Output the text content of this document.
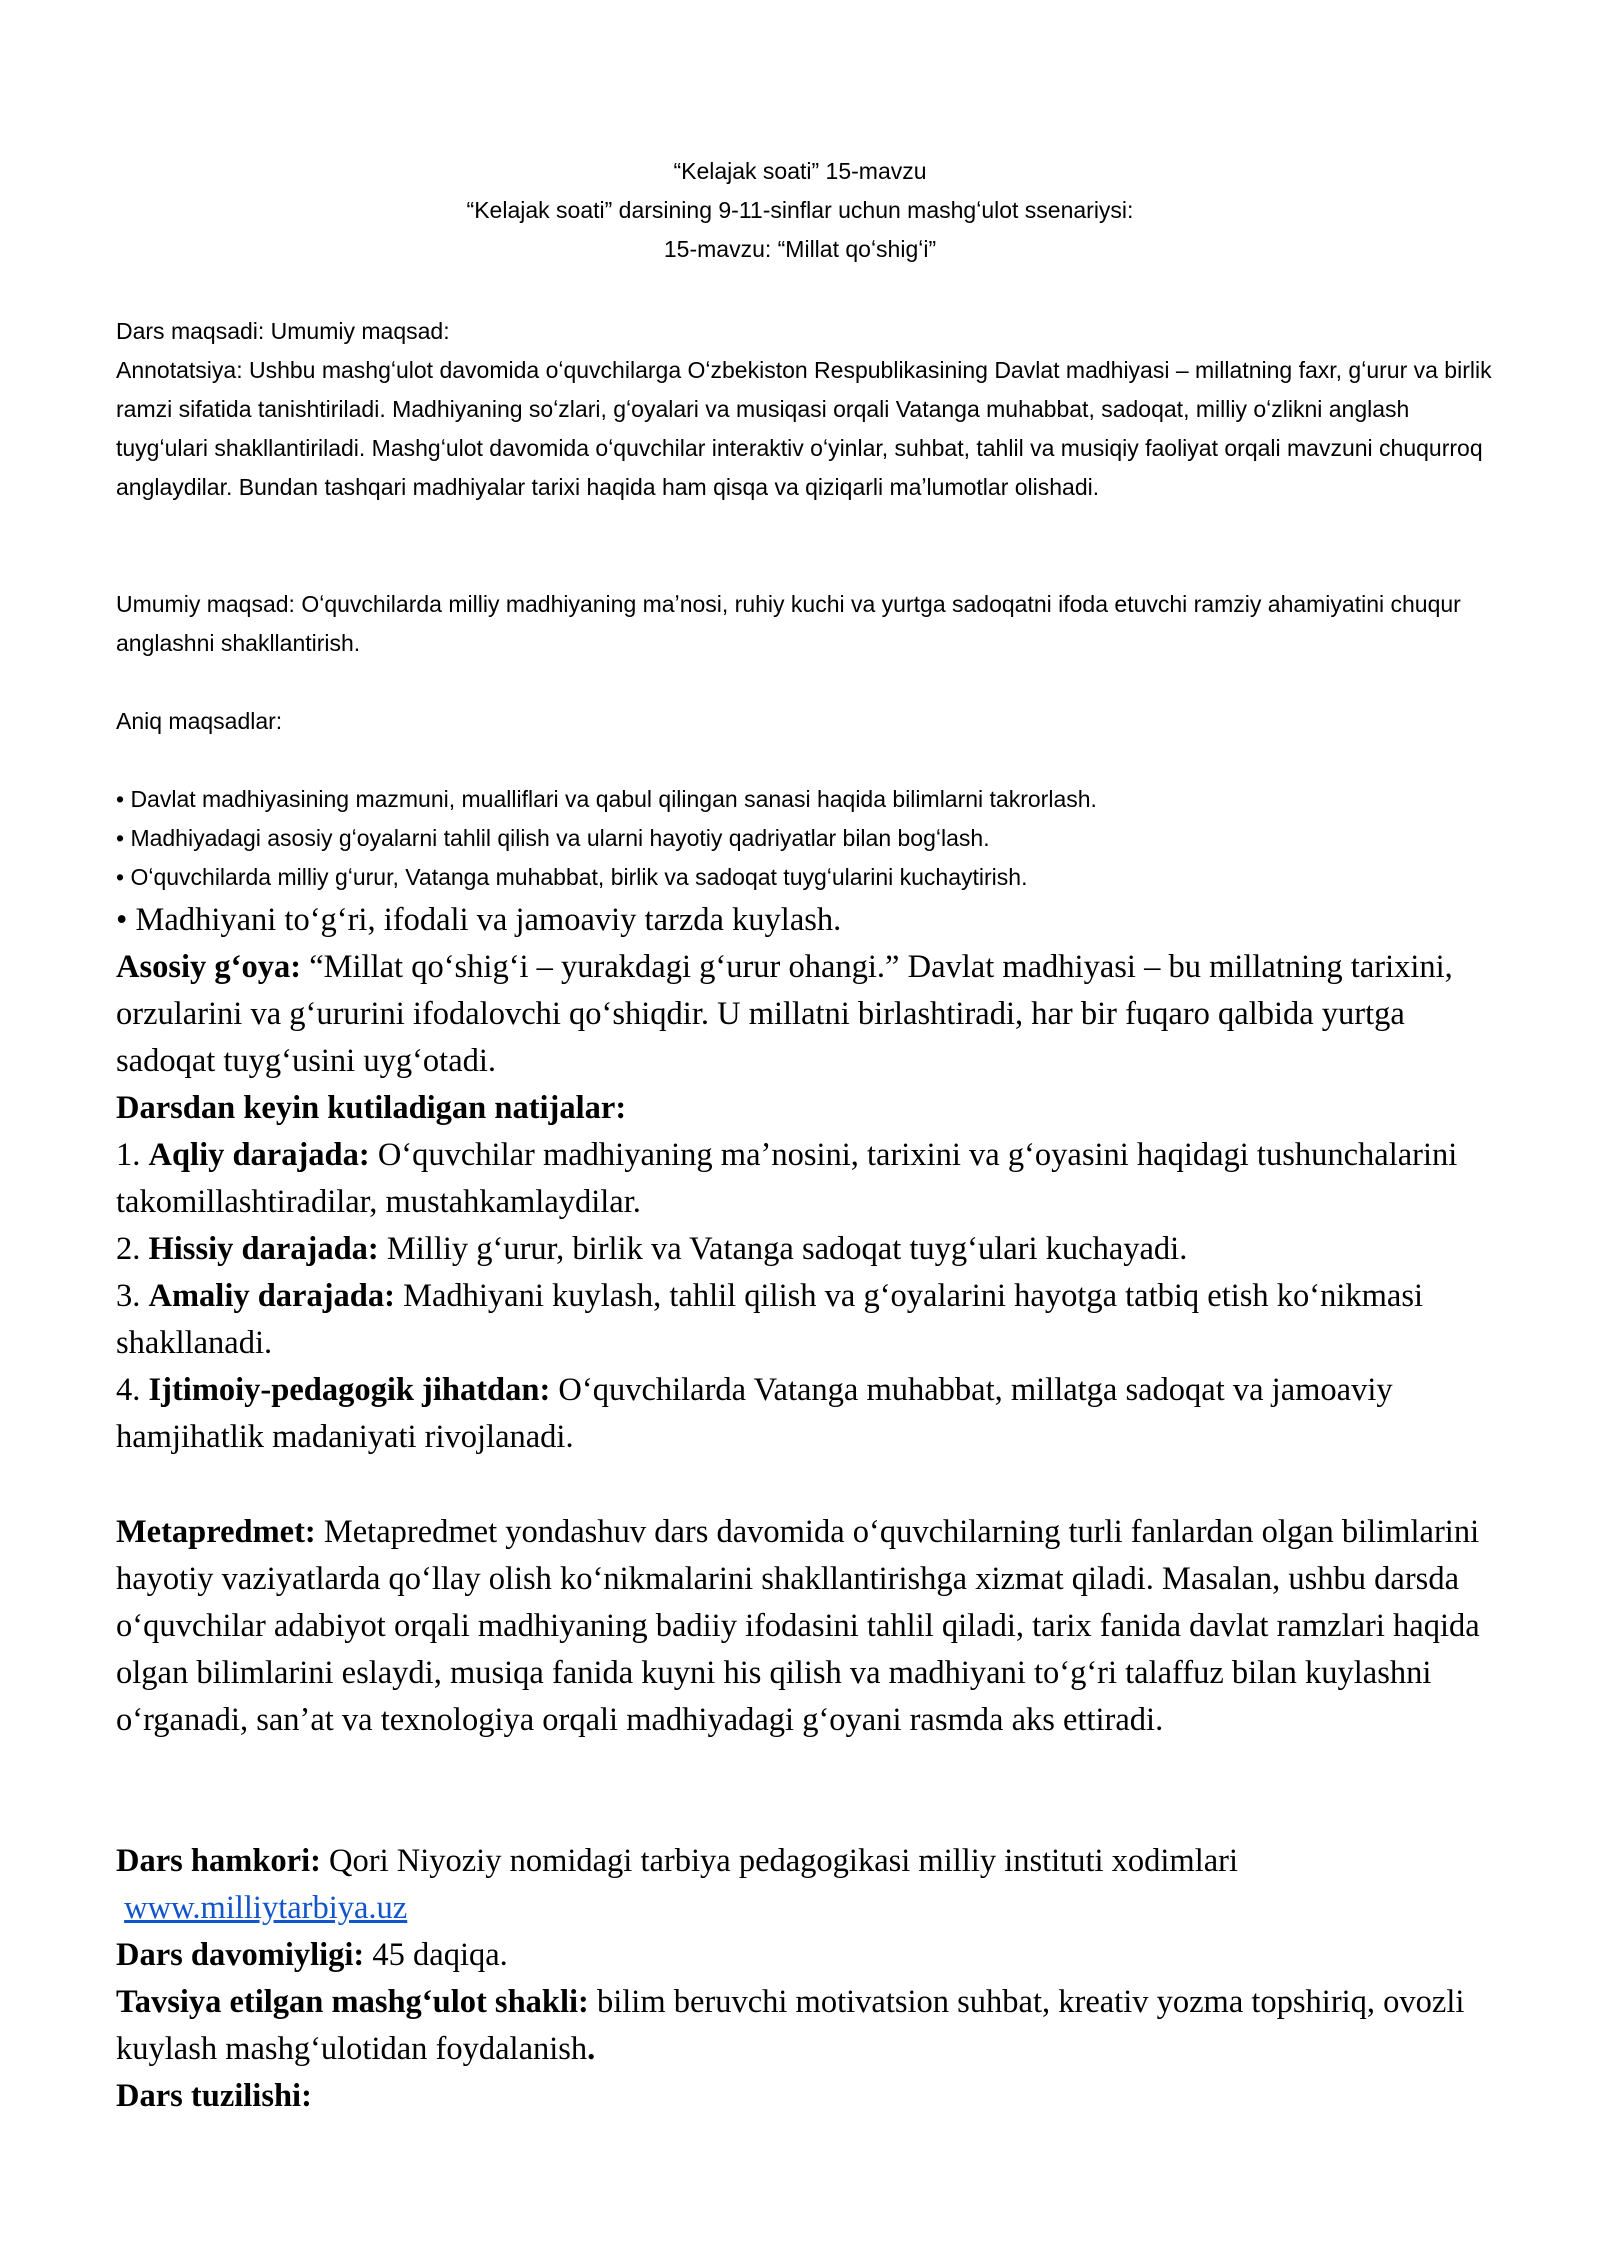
“Kelajak soati” 15-mavzu
“Kelajak soati” darsining 9-11-sinflar uchun mashgʻulot ssenariysi:
15-mavzu: “Millat qoʻshigʻi”

Dars maqsadi: Umumiy maqsad:

Annotatsiya: Ushbu mashgʻulot davomida oʻquvchilarga Oʻzbekiston Respublikasining Davlat madhiyasi – millatning faxr, gʻurur va birlik ramzi sifatida tanishtiriladi. Madhiyaning soʻzlari, gʻoyalari va musiqasi orqali Vatanga muhabbat, sadoqat, milliy oʻzlikni anglash tuygʻulari shakllantiriladi. Mashgʻulot davomida oʻquvchilar interaktiv oʻyinlar, suhbat, tahlil va musiqiy faoliyat orqali mavzuni chuqurroq anglaydilar. Bundan tashqari madhiyalar tarixi haqida ham qisqa va qiziqarli maʼlumotlar olishadi.

Umumiy maqsad: Oʻquvchilarda milliy madhiyaning maʼnosi, ruhiy kuchi va yurtga sadoqatni ifoda etuvchi ramziy ahamiyatini chuqur anglashni shakllantirish.

Aniq maqsadlar:

• Davlat madhiyasining mazmuni, mualliflari va qabul qilingan sanasi haqida bilimlarni takrorlash.

• Madhiyadagi asosiy gʻoyalarni tahlil qilish va ularni hayotiy qadriyatlar bilan bogʻlash.

• Oʻquvchilarda milliy gʻurur, Vatanga muhabbat, birlik va sadoqat tuygʻularini kuchaytirish.

• Madhiyani toʻgʻri, ifodali va jamoaviy tarzda kuylash.

Asosiy gʻoya: “Millat qoʻshigʻi – yurakdagi gʻurur ohangi.” Davlat madhiyasi – bu millatning tarixini, orzularini va gʻururini ifodalovchi qoʻshiqdir. U millatni birlashtiradi, har bir fuqaro qalbida yurtga sadoqat tuygʻusini uygʻotadi.

Darsdan keyin kutiladigan natijalar:

1. Aqliy darajada: Oʻquvchilar madhiyaning maʼnosini, tarixini va gʻoyasini haqidagi tushunchalarini takomillashtiradilar, mustahkamlaydilar.

2. Hissiy darajada: Milliy gʻurur, birlik va Vatanga sadoqat tuygʻulari kuchayadi.

3. Amaliy darajada: Madhiyani kuylash, tahlil qilish va gʻoyalarini hayotga tatbiq etish koʻnikmasi shakllanadi.

4. Ijtimoiy-pedagogik jihatdan: Oʻquvchilarda Vatanga muhabbat, millatga sadoqat va jamoaviy hamjihatlik madaniyati rivojlanadi.

Metapredmet: Metapredmet yondashuv dars davomida oʻquvchilarning turli fanlardan olgan bilimlarini hayotiy vaziyatlarda qoʻllay olish koʻnikmalarini shakllantirishga xizmat qiladi. Masalan, ushbu darsda oʻquvchilar adabiyot orqali madhiyaning badiiy ifodasini tahlil qiladi, tarix fanida davlat ramzlari haqida olgan bilimlarini eslaydi, musiqa fanida kuyni his qilish va madhiyani toʻgʻri talaffuz bilan kuylashni oʻrganadi, sanʼat va texnologiya orqali madhiyadagi gʻoyani rasmda aks ettiradi.

Dars hamkori: Qori Niyoziy nomidagi tarbiya pedagogikasi milliy instituti xodimlari
www.milliytarbiya.uz

Dars davomiyligi: 45 daqiqa.

Tavsiya etilgan mashgʻulot shakli: bilim beruvchi motivatsion suhbat, kreativ yozma topshiriq, ovozli kuylash mashgʻulotidan foydalanish.

Dars tuzilishi:
